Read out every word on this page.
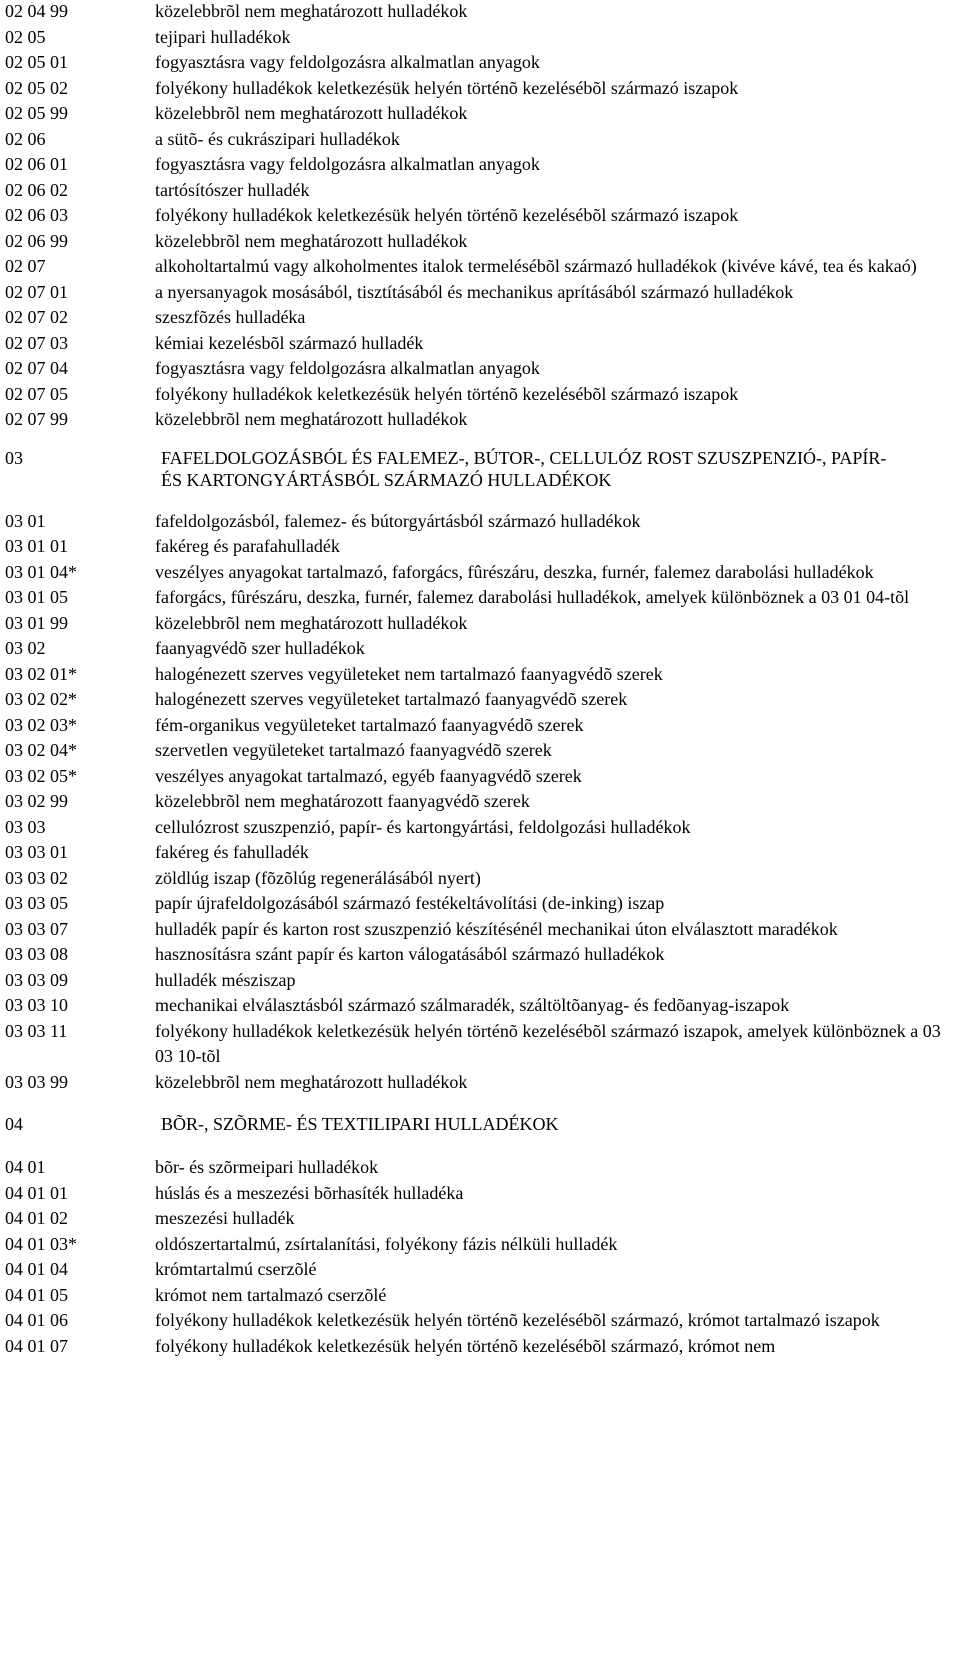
02 04 99	közelebbrõl nem meghatározott hulladékok
02 05	tejipari hulladékok
02 05 01	fogyasztásra vagy feldolgozásra alkalmatlan anyagok
02 05 02	folyékony hulladékok keletkezésük helyén történõ kezelésébõl származó iszapok
02 05 99	közelebbrõl nem meghatározott hulladékok
02 06	a sütõ- és cukrászipari hulladékok
02 06 01	fogyasztásra vagy feldolgozásra alkalmatlan anyagok
02 06 02	tartósítószer hulladék
02 06 03	folyékony hulladékok keletkezésük helyén történõ kezelésébõl származó iszapok
02 06 99	közelebbrõl nem meghatározott hulladékok
02 07	alkoholtartalmú vagy alkoholmentes italok termelésébõl származó hulladékok (kivéve kávé, tea és kakaó)
02 07 01	a nyersanyagok mosásából, tisztításából és mechanikus aprításából származó hulladékok
02 07 02	szeszfõzés hulladéka
02 07 03	kémiai kezelésbõl származó hulladék
02 07 04	fogyasztásra vagy feldolgozásra alkalmatlan anyagok
02 07 05	folyékony hulladékok keletkezésük helyén történõ kezelésébõl származó iszapok
02 07 99	közelebbrõl nem meghatározott hulladékok
03	FAFELDOLGOZÁSBÓL ÉS FALEMEZ-, BÚTOR-, CELLULÓZ ROST SZUSZPENZIÓ-, PAPÍR- ÉS KARTONGYÁRTÁSBÓL SZÁRMAZÓ HULLADÉKOK
03 01	fafeldolgozásból, falemez- és bútorgyártásból származó hulladékok
03 01 01	fakéreg és parafahulladék
03 01 04*	veszélyes anyagokat tartalmazó, faforgács, fûrészáru, deszka, furnér, falemez darabolási hulladékok
03 01 05	faforgács, fûrészáru, deszka, furnér, falemez darabolási hulladékok, amelyek különböznek a 03 01 04-tõl
03 01 99	közelebbrõl nem meghatározott hulladékok
03 02	faanyagvédõ szer hulladékok
03 02 01*	halogénezett szerves vegyületeket nem tartalmazó faanyagvédõ szerek
03 02 02*	halogénezett szerves vegyületeket tartalmazó faanyagvédõ szerek
03 02 03*	fém-organikus vegyületeket tartalmazó faanyagvédõ szerek
03 02 04*	szervetlen vegyületeket tartalmazó faanyagvédõ szerek
03 02 05*	veszélyes anyagokat tartalmazó, egyéb faanyagvédõ szerek
03 02 99	közelebbrõl nem meghatározott faanyagvédõ szerek
03 03	cellulózrost szuszpenzió, papír- és kartongyártási, feldolgozási hulladékok
03 03 01	fakéreg és fahulladék
03 03 02	zöldlúg iszap (fõzõlúg regenerálásából nyert)
03 03 05	papír újrafeldolgozásából származó festékeltávolítási (de-inking) iszap
03 03 07	hulladék papír és karton rost szuszpenzió készítésénél mechanikai úton elválasztott maradékok
03 03 08	hasznosításra szánt papír és karton válogatásából származó hulladékok
03 03 09	hulladék mésziszap
03 03 10	mechanikai elválasztásból származó szálmaradék, száltöltõanyag- és fedõanyag-iszapok
03 03 11	folyékony hulladékok keletkezésük helyén történõ kezelésébõl származó iszapok, amelyek különböznek a 03 03 10-tõl
03 03 99	közelebbrõl nem meghatározott hulladékok
04	BÕR-, SZÕRME- ÉS TEXTILIPARI HULLADÉKOK
04 01	bõr- és szõrmeipari hulladékok
04 01 01	húslás és a meszezési bõrhasíték hulladéka
04 01 02	meszezési hulladék
04 01 03*	oldószertartalmú, zsírtalanítási, folyékony fázis nélküli hulladék
04 01 04	krómtartalmú cserzõlé
04 01 05	krómot nem tartalmazó cserzõlé
04 01 06	folyékony hulladékok keletkezésük helyén történõ kezelésébõl származó, krómot tartalmazó iszapok
04 01 07	folyékony hulladékok keletkezésük helyén történõ kezelésébõl származó, krómot nem
